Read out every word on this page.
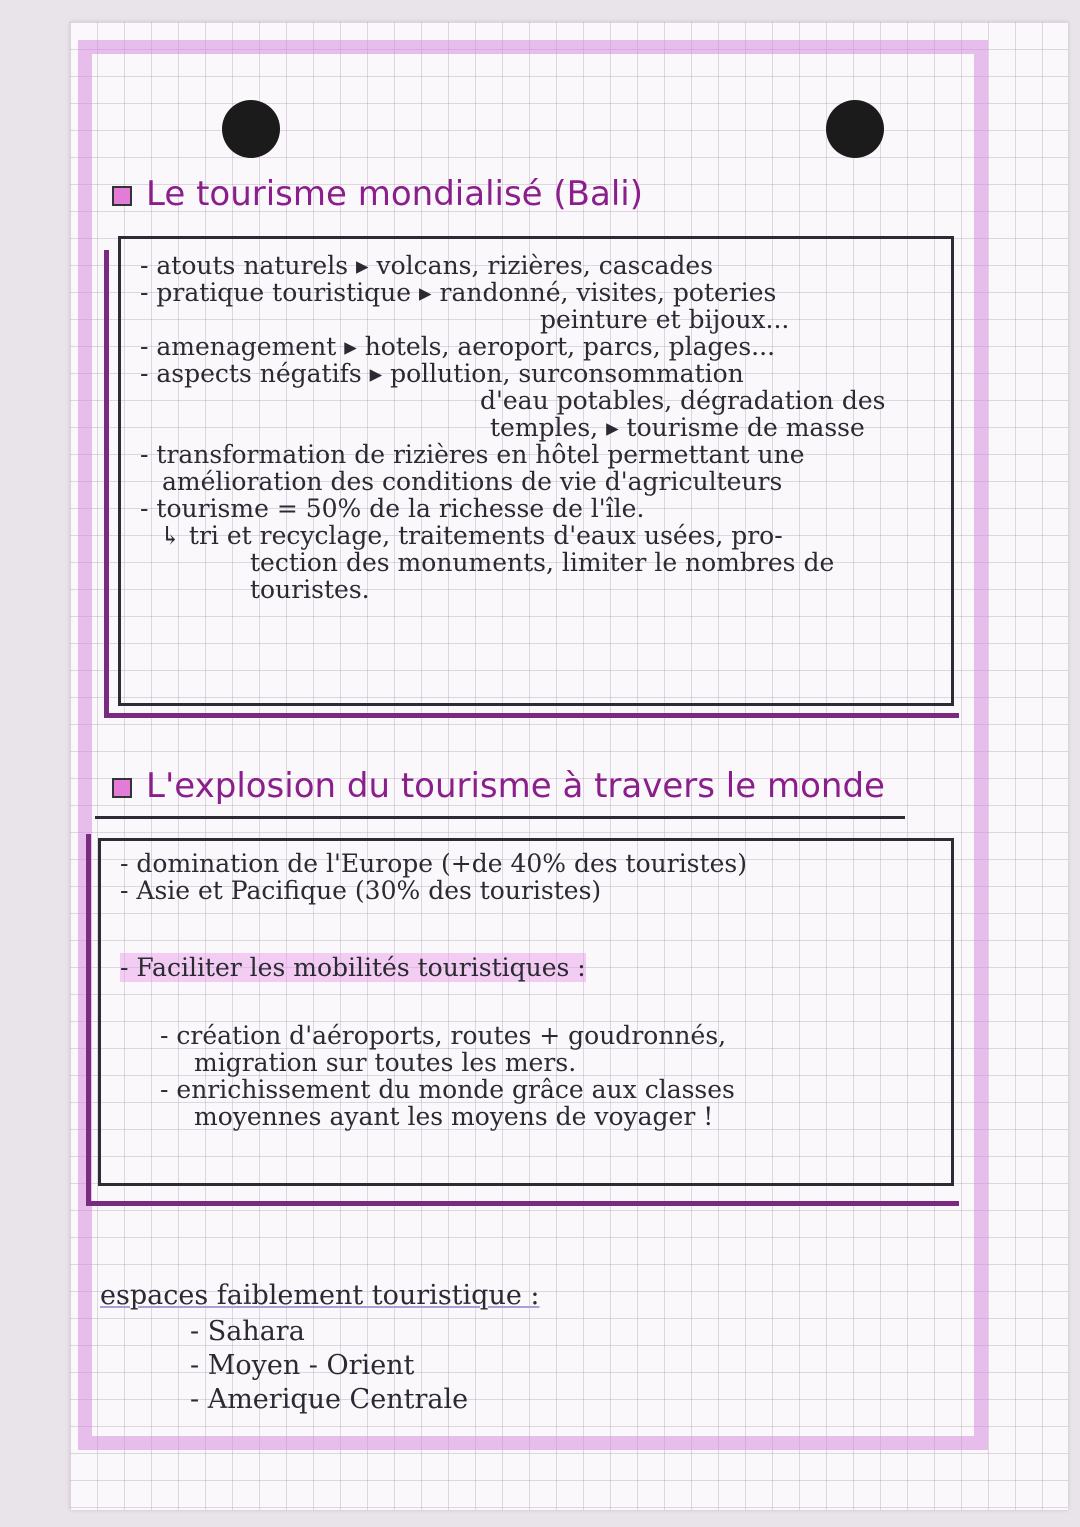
Le tourisme mondialisé (Bali)
- atouts naturels ▸ volcans, rizières, cascades
- pratique touristique ▸ randonné, visites, poteries
peinture et bijoux...
- amenagement ▸ hotels, aeroport, parcs, plages...
- aspects négatifs ▸ pollution, surconsommation
d'eau potables, dégradation des
temples, ▸ tourisme de masse
- transformation de rizières en hôtel permettant une
amélioration des conditions de vie d'agriculteurs
- tourisme = 50% de la richesse de l'île.
↳ tri et recyclage, traitements d'eaux usées, pro-
tection des monuments, limiter le nombres de
touristes.
L'explosion du tourisme à travers le monde
- domination de l'Europe (+de 40% des touristes)
- Asie et Pacifique (30% des touristes)
- Faciliter les mobilités touristiques :
- création d'aéroports, routes + goudronnés,
migration sur toutes les mers.
- enrichissement du monde grâce aux classes
moyennes ayant les moyens de voyager !
espaces faiblement touristique :
- Sahara
- Moyen - Orient
- Amerique Centrale
